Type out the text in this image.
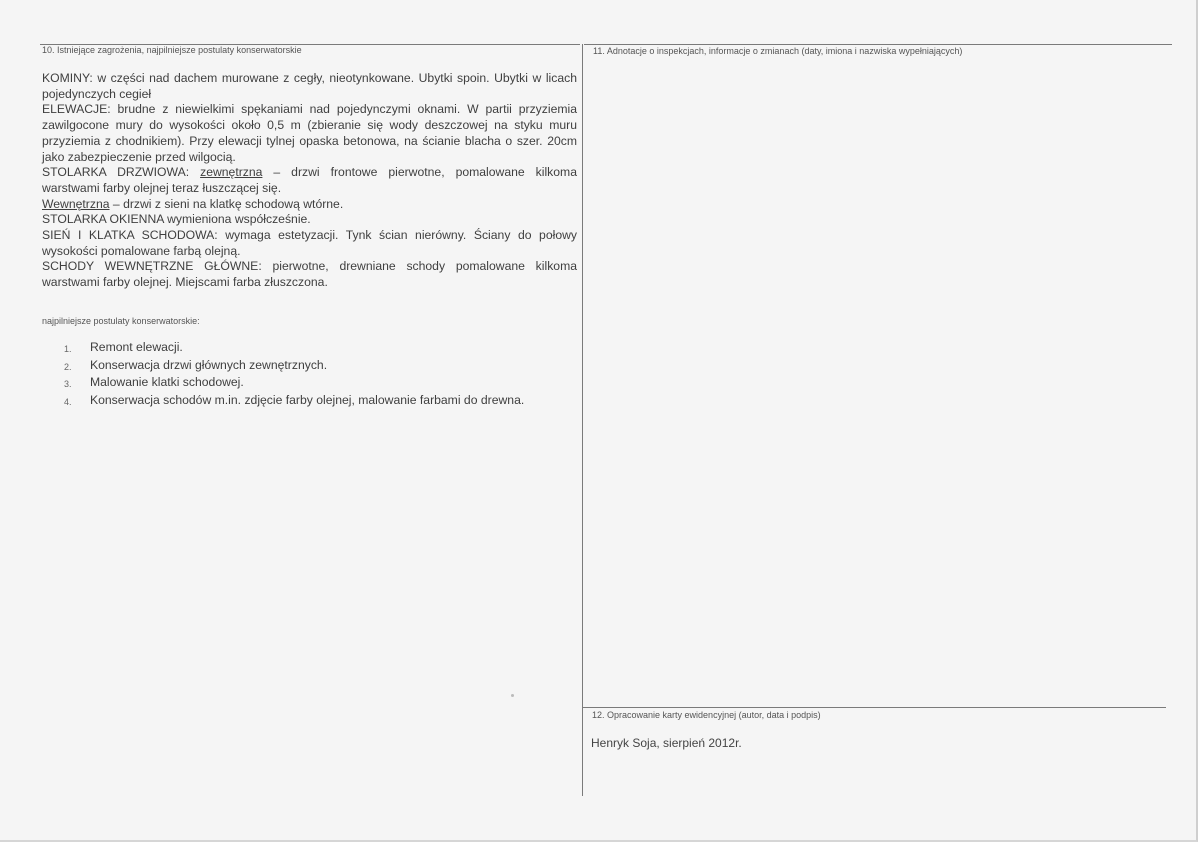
10. Istniejące zagrożenia, najpilniejsze postulaty konserwatorskie

KOMINY: w części nad dachem murowane z cegły, nieotynkowane. Ubytki spoin. Ubytki w licach pojedynczych cegieł

ELEWACJE: brudne z niewielkimi spękaniami nad pojedynczymi oknami. W partii przyziemia zawilgocone mury do wysokości około 0,5 m (zbieranie się wody deszczowej na styku muru przyziemia z chodnikiem). Przy elewacji tylnej opaska betonowa, na ścianie blacha o szer. 20cm jako zabezpieczenie przed wilgocią.

STOLARKA DRZWIOWA: zewnętrzna – drzwi frontowe pierwotne, pomalowane kilkoma warstwami farby olejnej teraz łuszczącej się.

Wewnętrzna – drzwi z sieni na klatkę schodową wtórne.

STOLARKA OKIENNA wymieniona współcześnie.

SIEŃ I KLATKA SCHODOWA: wymaga estetyzacji. Tynk ścian nierówny. Ściany do połowy wysokości pomalowane farbą olejną.

SCHODY WEWNĘTRZNE GŁÓWNE: pierwotne, drewniane schody pomalowane kilkoma warstwami farby olejnej. Miejscami farba złuszczona.

najpilniejsze postulaty konserwatorskie:
1.	Remont elewacji.
2.	Konserwacja drzwi głównych zewnętrznych.
3.	Malowanie klatki schodowej.
4.	Konserwacja schodów m.in. zdjęcie farby olejnej, malowanie farbami do drewna.
11. Adnotacje o inspekcjach, informacje o zmianach (daty, imiona i nazwiska wypełniających)
12. Opracowanie karty ewidencyjnej (autor, data i podpis)
Henryk Soja, sierpień 2012r.
